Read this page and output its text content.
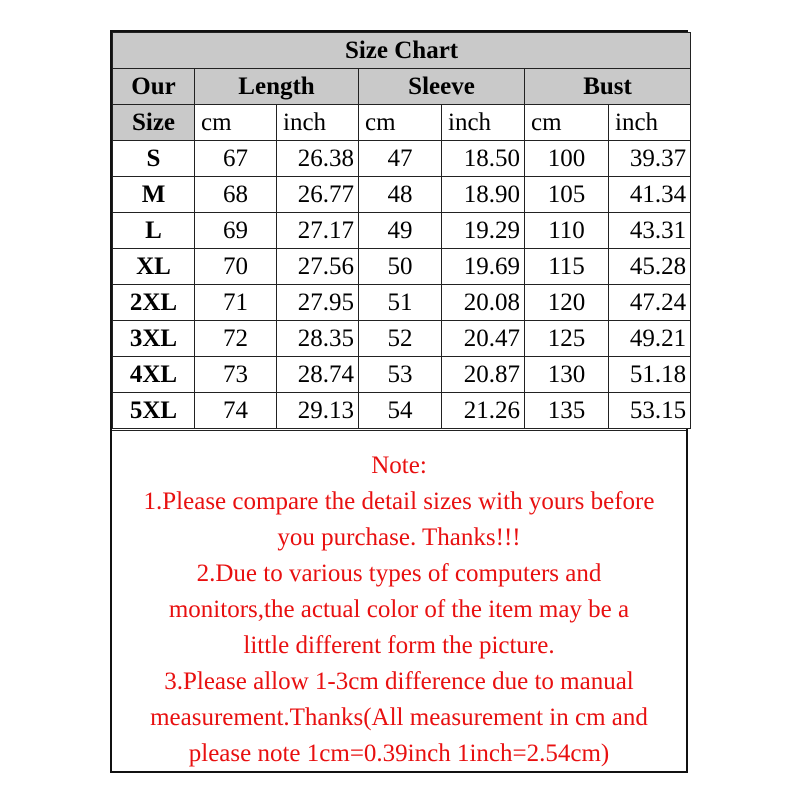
Size Chart						
Our	Length		Sleeve		Bust	
Size	cm	inch	cm	inch	cm	inch
S	67	26.38	47	18.50	100	39.37
M	68	26.77	48	18.90	105	41.34
L	69	27.17	49	19.29	110	43.31
XL	70	27.56	50	19.69	115	45.28
2XL	71	27.95	51	20.08	120	47.24
3XL	72	28.35	52	20.47	125	49.21
4XL	73	28.74	53	20.87	130	51.18
5XL	74	29.13	54	21.26	135	53.15
Note:
1.Please compare the detail sizes with yours before
you purchase. Thanks!!!
2.Due to various types of computers and
monitors,the actual color of the item may be a
little different form the picture.
3.Please allow 1-3cm difference due to manual
measurement.Thanks(All measurement in cm and
please note 1cm=0.39inch 1inch=2.54cm)
